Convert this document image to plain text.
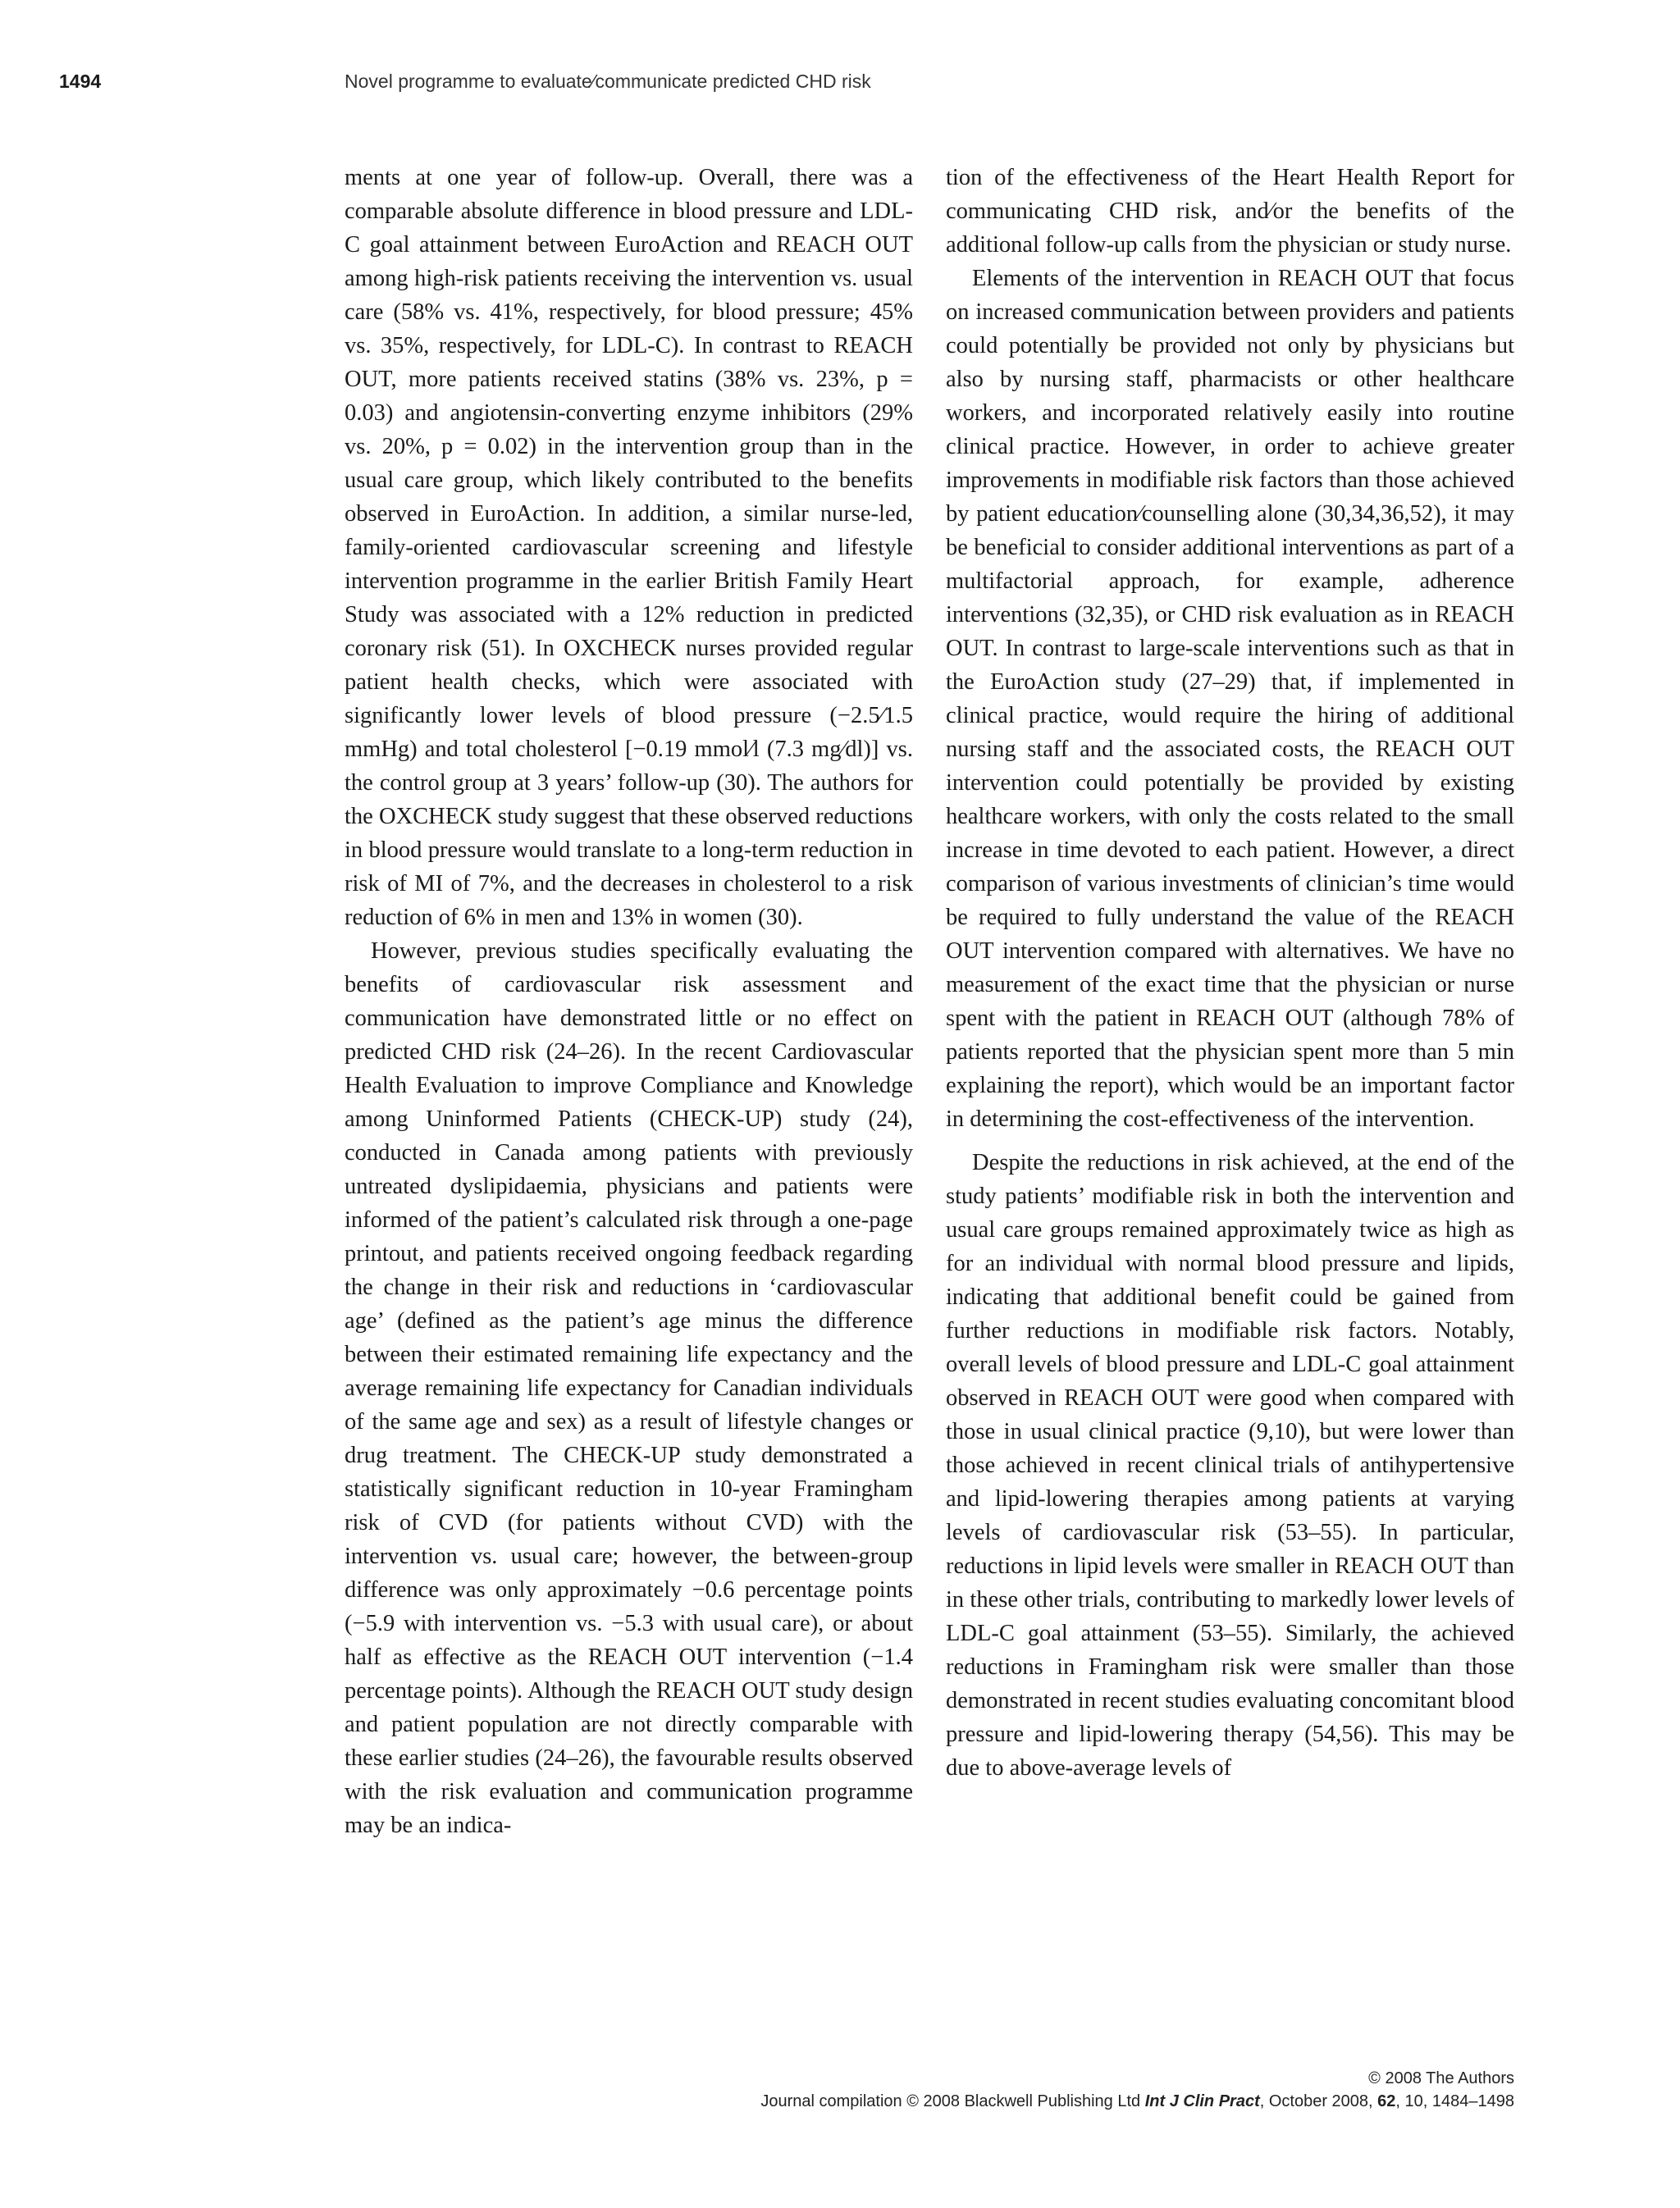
1494	Novel programme to evaluate⁄communicate predicted CHD risk

ments at one year of follow-up. Overall, there was a comparable absolute difference in blood pressure and LDL-C goal attainment between EuroAction and REACH OUT among high-risk patients receiving the intervention vs. usual care (58% vs. 41%, respectively, for blood pressure; 45% vs. 35%, respectively, for LDL-C). In contrast to REACH OUT, more patients received statins (38% vs. 23%, p = 0.03) and angiotensin-converting enzyme inhibitors (29% vs. 20%, p = 0.02) in the intervention group than in the usual care group, which likely contributed to the benefits observed in EuroAction. In addition, a similar nurse-led, family-oriented cardiovascular screening and lifestyle intervention programme in the earlier British Family Heart Study was associated with a 12% reduction in predicted coronary risk (51). In OXCHECK nurses provided regular patient health checks, which were associated with significantly lower levels of blood pressure (−2.5⁄1.5 mmHg) and total cholesterol [−0.19 mmol⁄l (7.3 mg⁄dl)] vs. the control group at 3 years’ follow-up (30). The authors for the OXCHECK study suggest that these observed reductions in blood pressure would translate to a long-term reduction in risk of MI of 7%, and the decreases in cholesterol to a risk reduction of 6% in men and 13% in women (30).

However, previous studies specifically evaluating the benefits of cardiovascular risk assessment and communication have demonstrated little or no effect on predicted CHD risk (24–26). In the recent Cardiovascular Health Evaluation to improve Compliance and Knowledge among Uninformed Patients (CHECK-UP) study (24), conducted in Canada among patients with previously untreated dyslipidaemia, physicians and patients were informed of the patient’s calculated risk through a one-page printout, and patients received ongoing feedback regarding the change in their risk and reductions in ‘cardiovascular age’ (defined as the patient’s age minus the difference between their estimated remaining life expectancy and the average remaining life expectancy for Canadian individuals of the same age and sex) as a result of lifestyle changes or drug treatment. The CHECK-UP study demonstrated a statistically significant reduction in 10-year Framingham risk of CVD (for patients without CVD) with the intervention vs. usual care; however, the between-group difference was only approximately −0.6 percentage points (−5.9 with intervention vs. −5.3 with usual care), or about half as effective as the REACH OUT intervention (−1.4 percentage points). Although the REACH OUT study design and patient population are not directly comparable with these earlier studies (24–26), the favourable results observed with the risk evaluation and communication programme may be an indica-

tion of the effectiveness of the Heart Health Report for communicating CHD risk, and⁄or the benefits of the additional follow-up calls from the physician or study nurse.

Elements of the intervention in REACH OUT that focus on increased communication between providers and patients could potentially be provided not only by physicians but also by nursing staff, pharmacists or other healthcare workers, and incorporated relatively easily into routine clinical practice. However, in order to achieve greater improvements in modifiable risk factors than those achieved by patient education⁄counselling alone (30,34,36,52), it may be beneficial to consider additional interventions as part of a multifactorial approach, for example, adherence interventions (32,35), or CHD risk evaluation as in REACH OUT. In contrast to large-scale interventions such as that in the EuroAction study (27–29) that, if implemented in clinical practice, would require the hiring of additional nursing staff and the associated costs, the REACH OUT intervention could potentially be provided by existing healthcare workers, with only the costs related to the small increase in time devoted to each patient. However, a direct comparison of various investments of clinician’s time would be required to fully understand the value of the REACH OUT intervention compared with alternatives. We have no measurement of the exact time that the physician or nurse spent with the patient in REACH OUT (although 78% of patients reported that the physician spent more than 5 min explaining the report), which would be an important factor in determining the cost-effectiveness of the intervention.

Despite the reductions in risk achieved, at the end of the study patients’ modifiable risk in both the intervention and usual care groups remained approximately twice as high as for an individual with normal blood pressure and lipids, indicating that additional benefit could be gained from further reductions in modifiable risk factors. Notably, overall levels of blood pressure and LDL-C goal attainment observed in REACH OUT were good when compared with those in usual clinical practice (9,10), but were lower than those achieved in recent clinical trials of antihypertensive and lipid-lowering therapies among patients at varying levels of cardiovascular risk (53–55). In particular, reductions in lipid levels were smaller in REACH OUT than in these other trials, contributing to markedly lower levels of LDL-C goal attainment (53–55). Similarly, the achieved reductions in Framingham risk were smaller than those demonstrated in recent studies evaluating concomitant blood pressure and lipid-lowering therapy (54,56). This may be due to above-average levels of

© 2008 The Authors
Journal compilation © 2008 Blackwell Publishing Ltd Int J Clin Pract, October 2008, 62, 10, 1484–1498
